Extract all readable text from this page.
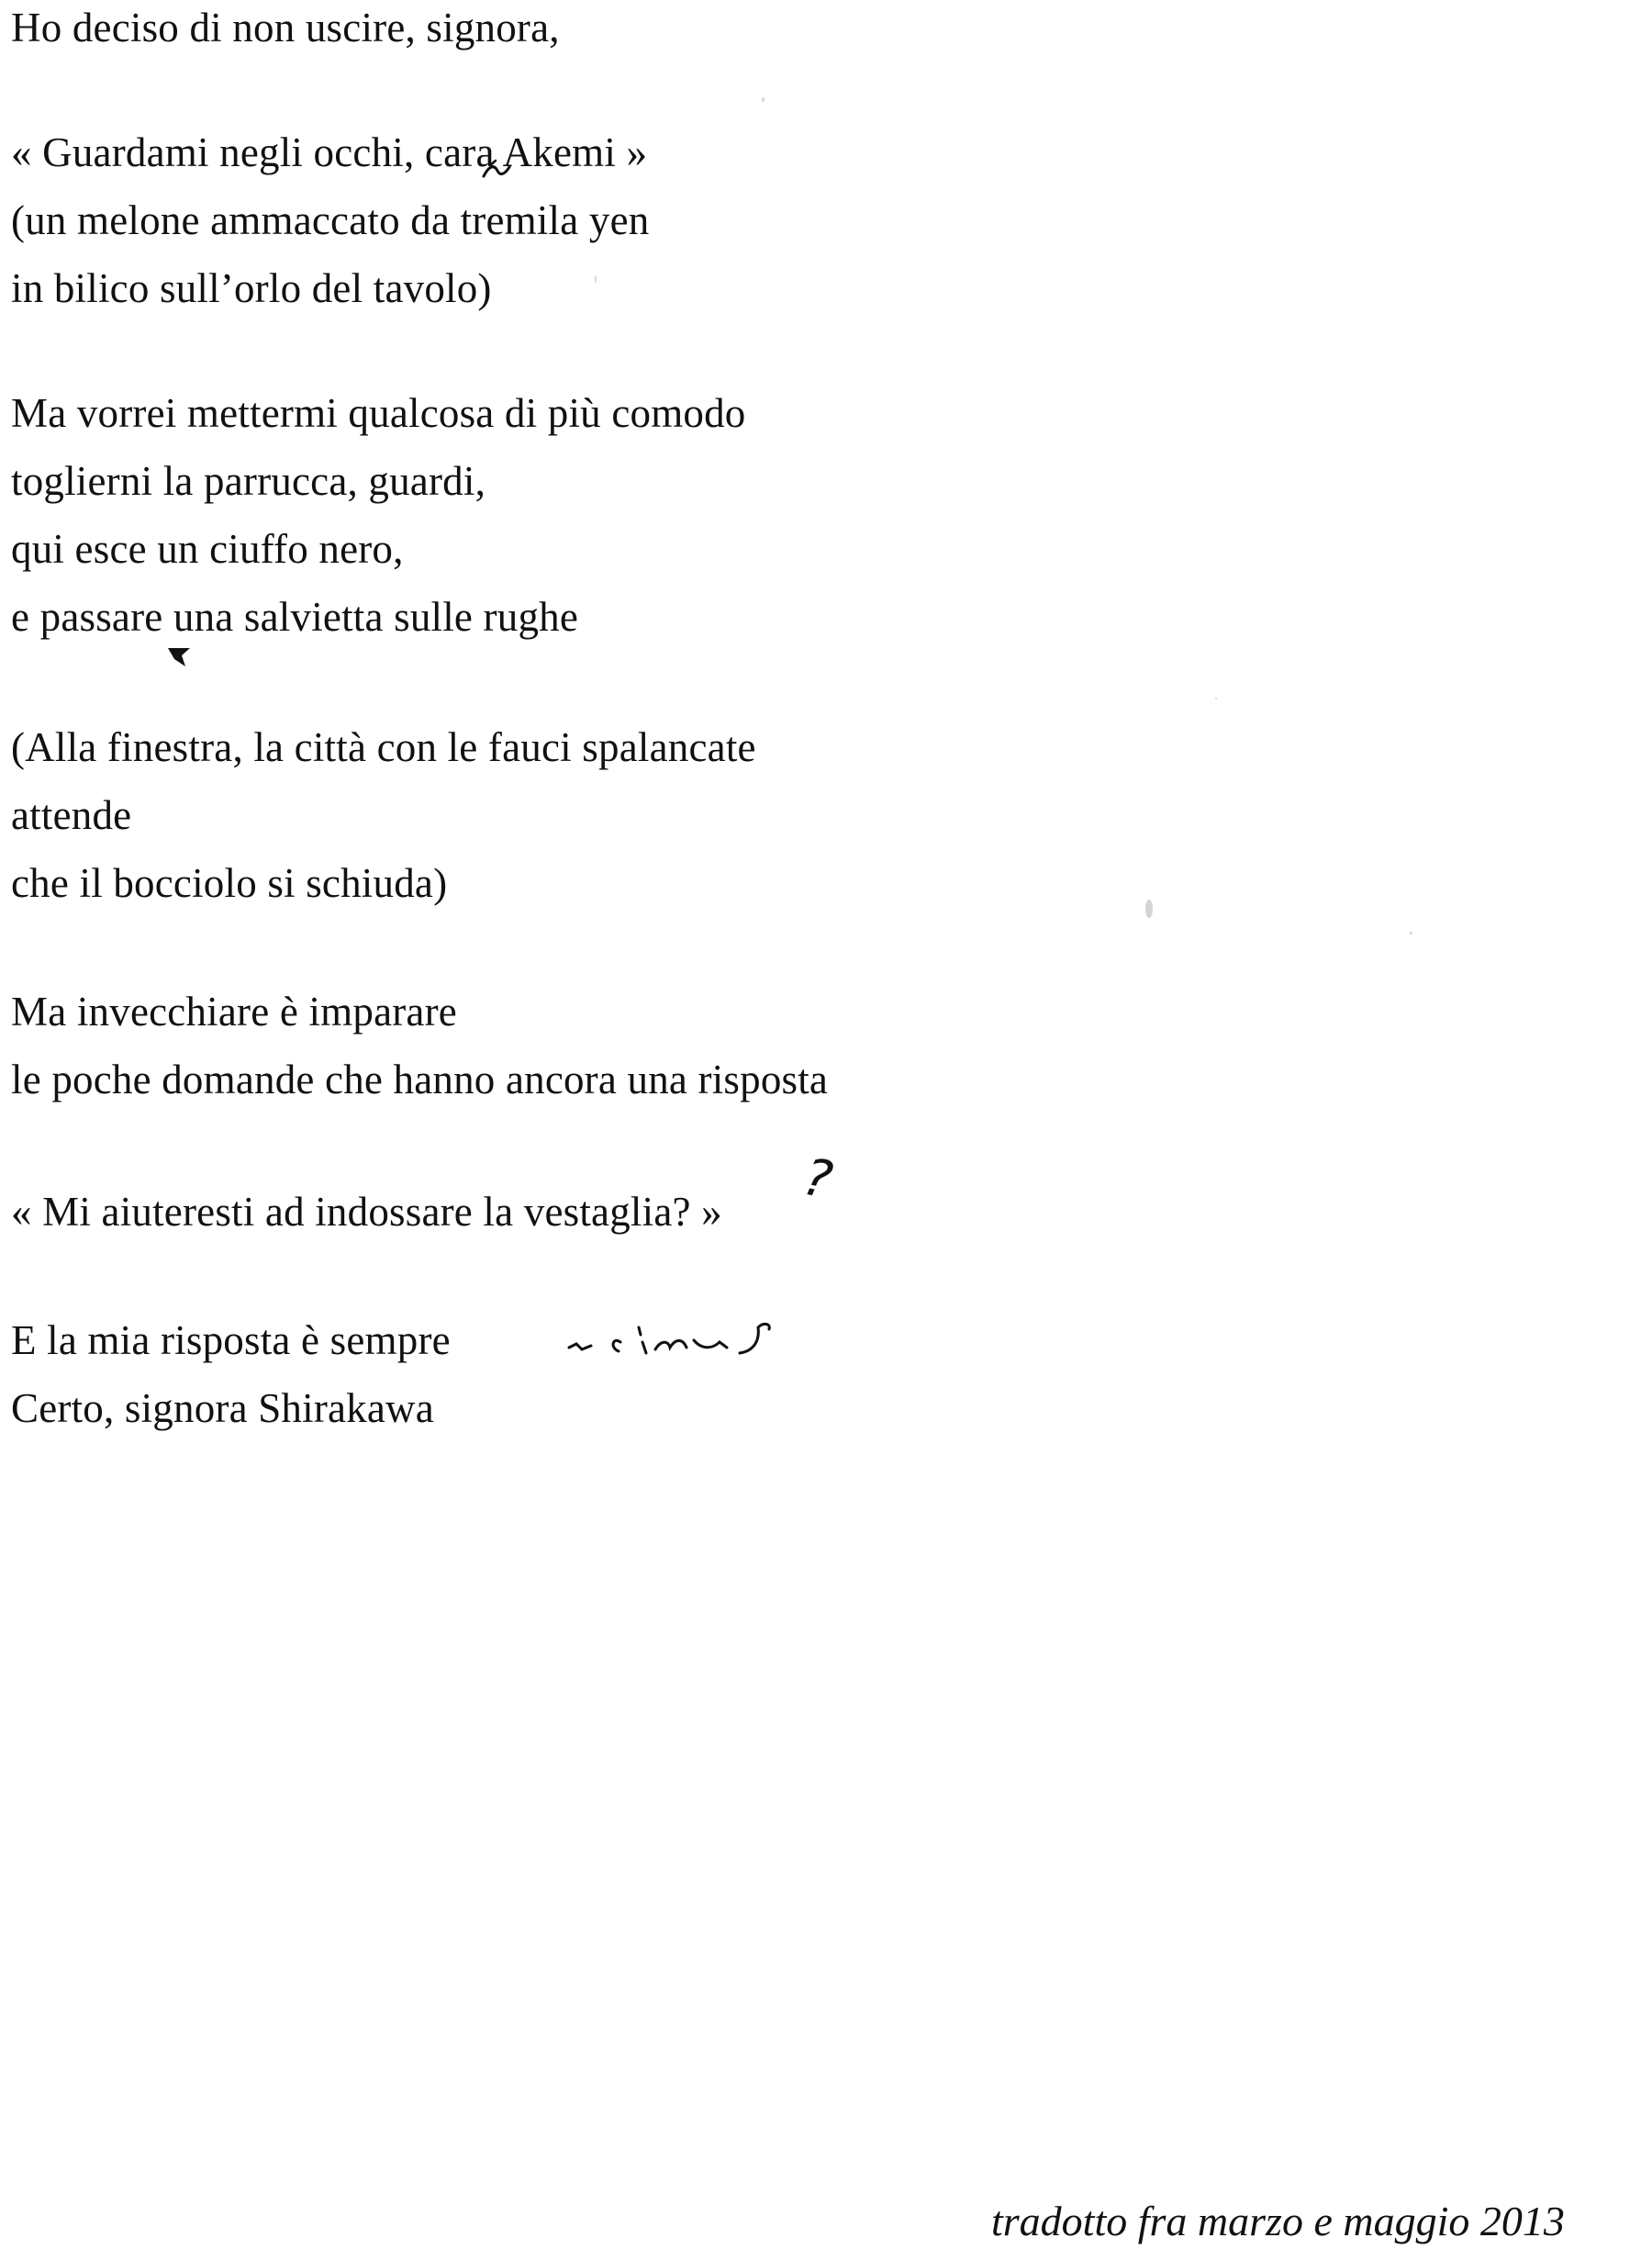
Ho deciso di non uscire, signora,
« Guardami negli occhi, cara Akemi »
(un melone ammaccato da tremila yen
in bilico sull’orlo del tavolo)
Ma vorrei mettermi qualcosa di più comodo
toglierni la parrucca, guardi,
qui esce un ciuffo nero,
e passare una salvietta sulle rughe
(Alla finestra, la città con le fauci spalancate
attende
che il bocciolo si schiuda)
Ma invecchiare è imparare
le poche domande che hanno ancora una risposta
« Mi aiuteresti ad indossare la vestaglia? »
E la mia risposta è sempre
Certo, signora Shirakawa
?
tradotto fra marzo e maggio 2013
